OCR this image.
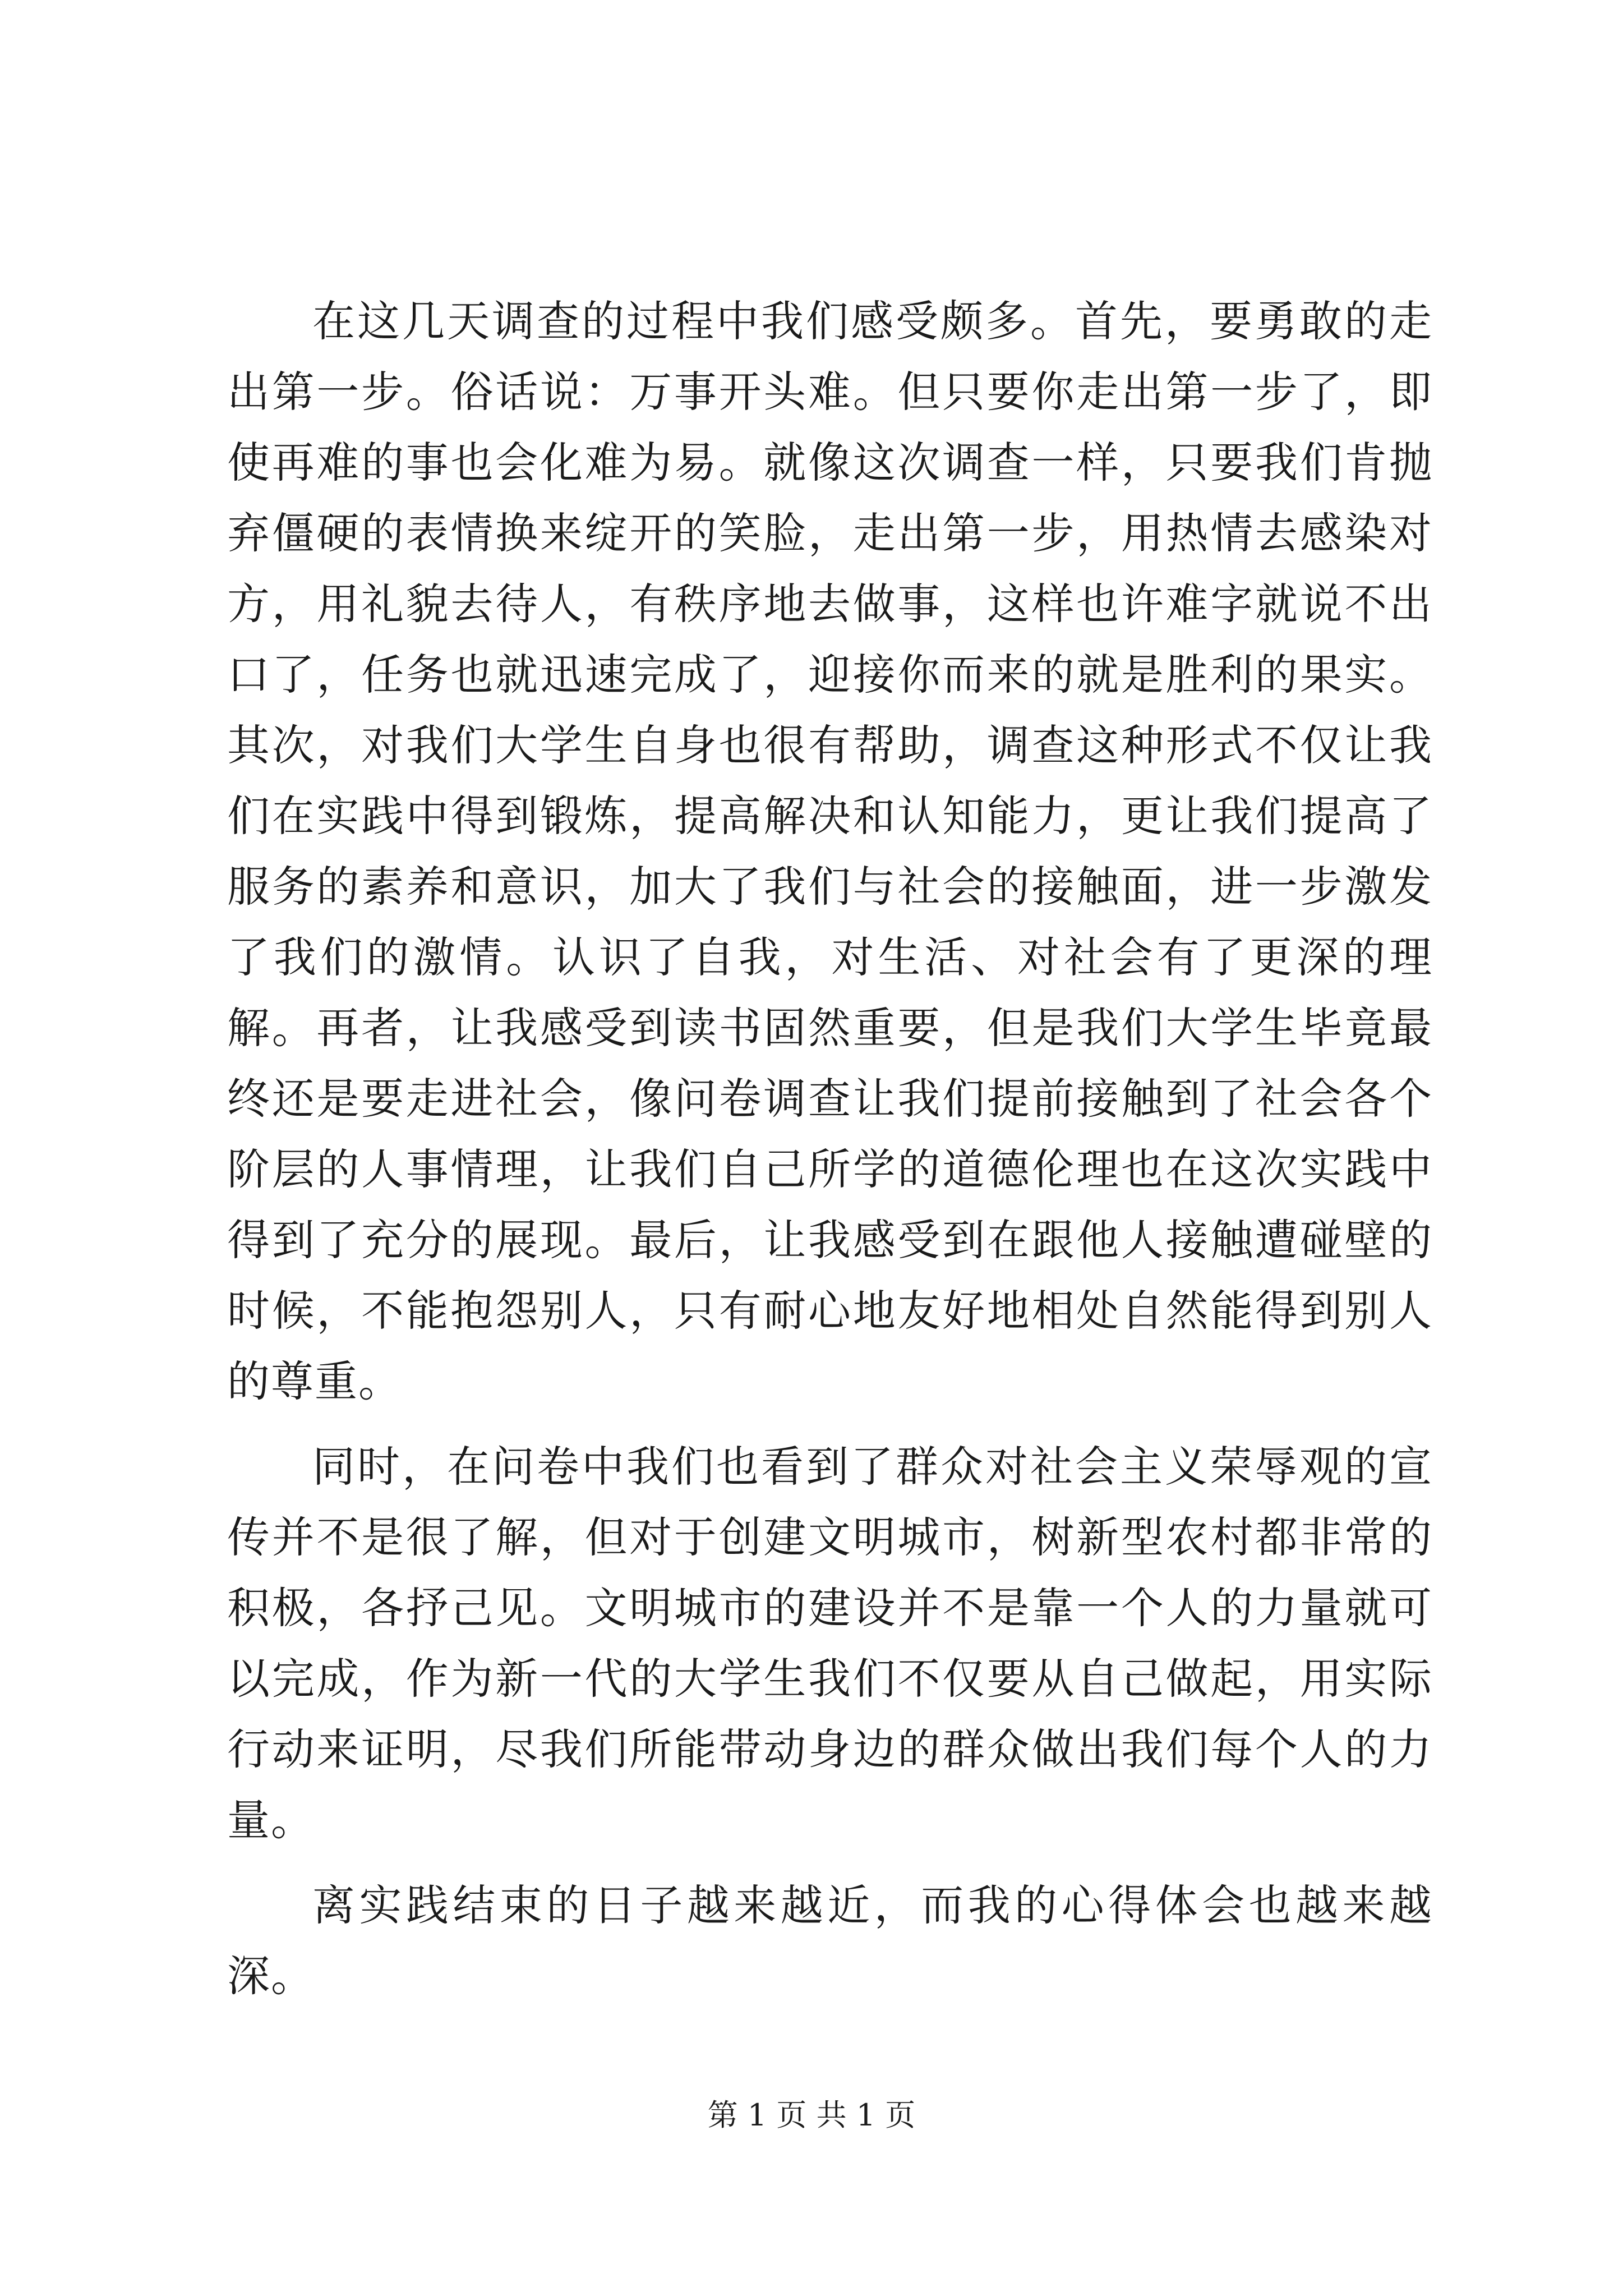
在这几天调查的过程中我们感受颇多。首先，要勇敢的走出第一步。俗话说：万事开头难。但只要你走出第一步了，即使再难的事也会化难为易。就像这次调查一样，只要我们肯抛弃僵硬的表情换来绽开的笑脸，走出第一步，用热情去感染对方，用礼貌去待人，有秩序地去做事，这样也许难字就说不出口了，任务也就迅速完成了，迎接你而来的就是胜利的果实。其次，对我们大学生自身也很有帮助，调查这种形式不仅让我们在实践中得到锻炼，提高解决和认知能力，更让我们提高了服务的素养和意识，加大了我们与社会的接触面，进一步激发了我们的激情。认识了自我，对生活、对社会有了更深的理解。再者，让我感受到读书固然重要，但是我们大学生毕竟最终还是要走进社会，像问卷调查让我们提前接触到了社会各个阶层的人事情理，让我们自己所学的道德伦理也在这次实践中得到了充分的展现。最后，让我感受到在跟他人接触遭碰壁的时候，不能抱怨别人，只有耐心地友好地相处自然能得到别人的尊重。

同时，在问卷中我们也看到了群众对社会主义荣辱观的宣传并不是很了解，但对于创建文明城市，树新型农村都非常的积极，各抒己见。文明城市的建设并不是靠一个人的力量就可以完成，作为新一代的大学生我们不仅要从自己做起，用实际行动来证明，尽我们所能带动身边的群众做出我们每个人的力量。

离实践结束的日子越来越近，而我的心得体会也越来越深。

第 1 页 共 1 页
